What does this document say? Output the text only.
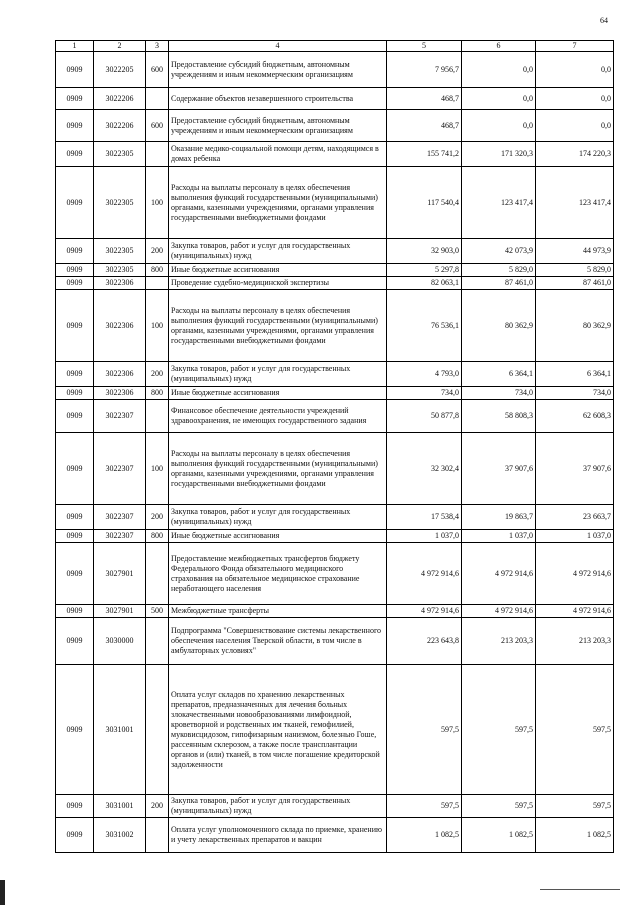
64
1	2	3	4	5	6	7
0909	3022205	600	Предоставление субсидий бюджетным, автономным учреждениям и иным некоммерческим организациям	7 956,7	0,0	0,0
0909	3022206		Содержание объектов незавершенного строительства	468,7	0,0	0,0
0909	3022206	600	Предоставление субсидий бюджетным, автономным учреждениям и иным некоммерческим организациям	468,7	0,0	0,0
0909	3022305		Оказание медико-социальной помощи детям, находящимся в домах ребенка	155 741,2	171 320,3	174 220,3
0909	3022305	100	Расходы на выплаты персоналу в целях обеспечения выполнения функций государственными (муниципальными) органами, казенными учреждениями, органами управления государственными внебюджетными фондами	117 540,4	123 417,4	123 417,4
0909	3022305	200	Закупка товаров, работ и услуг для государственных (муниципальных) нужд	32 903,0	42 073,9	44 973,9
0909	3022305	800	Иные бюджетные ассигнования	5 297,8	5 829,0	5 829,0
0909	3022306		Проведение судебно-медицинской экспертизы	82 063,1	87 461,0	87 461,0
0909	3022306	100	Расходы на выплаты персоналу в целях обеспечения выполнения функций государственными (муниципальными) органами, казенными учреждениями, органами управления государственными внебюджетными фондами	76 536,1	80 362,9	80 362,9
0909	3022306	200	Закупка товаров, работ и услуг для государственных (муниципальных) нужд	4 793,0	6 364,1	6 364,1
0909	3022306	800	Иные бюджетные ассигнования	734,0	734,0	734,0
0909	3022307		Финансовое обеспечение деятельности учреждений здравоохранения, не имеющих государственного задания	50 877,8	58 808,3	62 608,3
0909	3022307	100	Расходы на выплаты персоналу в целях обеспечения выполнения функций государственными (муниципальными) органами, казенными учреждениями, органами управления государственными внебюджетными фондами	32 302,4	37 907,6	37 907,6
0909	3022307	200	Закупка товаров, работ и услуг для государственных (муниципальных) нужд	17 538,4	19 863,7	23 663,7
0909	3022307	800	Иные бюджетные ассигнования	1 037,0	1 037,0	1 037,0
0909	3027901		Предоставление межбюджетных трансфертов бюджету Федерального Фонда обязательного медицинского страхования на обязательное медицинское страхование неработающего населения	4 972 914,6	4 972 914,6	4 972 914,6
0909	3027901	500	Межбюджетные трансферты	4 972 914,6	4 972 914,6	4 972 914,6
0909	3030000		Подпрограмма "Совершенствование системы лекарственного обеспечения населения Тверской области, в том числе в амбулаторных условиях"	223 643,8	213 203,3	213 203,3
0909	3031001		Оплата услуг складов по хранению лекарственных препаратов, предназначенных для лечения больных злокачественными новообразованиями лимфоидной, кроветворной и родственных им тканей, гемофилией, муковисцидозом, гипофизарным нанизмом, болезнью Гоше, рассеянным склерозом, а также после трансплантации органов и (или) тканей, в том числе погашение кредиторской задолженности	597,5	597,5	597,5
0909	3031001	200	Закупка товаров, работ и услуг для государственных (муниципальных) нужд	597,5	597,5	597,5
0909	3031002		Оплата услуг уполномоченного склада по приемке, хранению и учету лекарственных препаратов и вакцин	1 082,5	1 082,5	1 082,5
